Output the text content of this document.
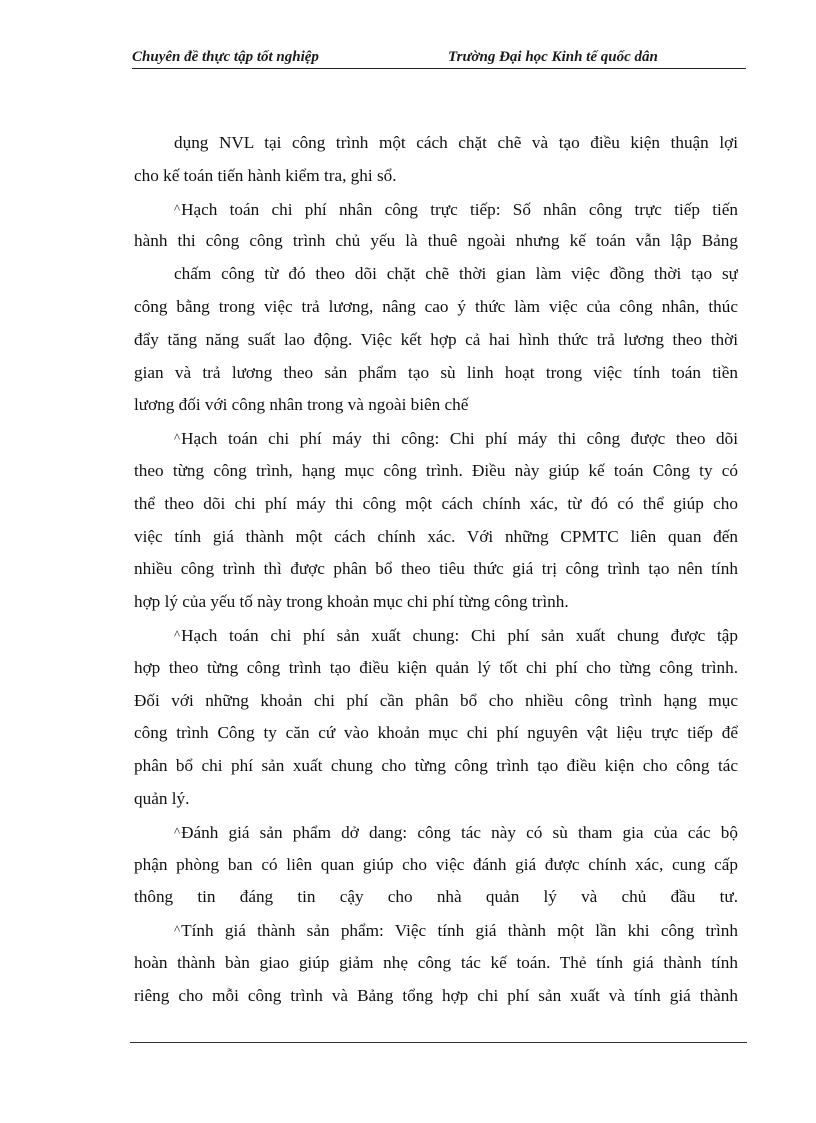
Chuyên đề thực tập tốt nghiệp	Trường Đại học Kinh tế quốc dân
dụng NVL tại công trình một cách chặt chẽ và tạo điều kiện thuận lợi
cho kế toán tiến hành kiểm tra, ghi sổ.
^Hạch toán chi phí nhân công trực tiếp: Số nhân công trực tiếp tiến
hành thi công công trình chủ yếu là thuê ngoài nhưng kế toán vẫn lập Bảng
chấm công từ đó theo dõi chặt chẽ thời gian làm việc đồng thời tạo sự
công bằng trong việc trả lương, nâng cao ý thức làm việc của công nhân, thúc
đẩy tăng năng suất lao động. Việc kết hợp cả hai hình thức trả lương theo thời
gian và trả lương theo sản phẩm tạo sù linh hoạt trong việc tính toán tiền
lương đối với công nhân trong và ngoài biên chế
^Hạch toán chi phí máy thi công: Chi phí máy thi công được theo dõi
theo từng công trình, hạng mục công trình. Điều này giúp kế toán Công ty có
thể theo dõi chi phí máy thi công một cách chính xác, từ đó có thể giúp cho
việc tính giá thành một cách chính xác. Với những CPMTC liên quan đến
nhiều công trình thì được phân bổ theo tiêu thức giá trị công trình tạo nên tính
hợp lý của yếu tố này trong khoản mục chi phí từng công trình.
^Hạch toán chi phí sản xuất chung: Chi phí sản xuất chung được tập
hợp theo từng công trình tạo điều kiện quản lý tốt chi phí cho từng công trình.
Đối với những khoản chi phí cần phân bổ cho nhiều công trình hạng mục
công trình Công ty căn cứ vào khoản mục chi phí nguyên vật liệu trực tiếp để
phân bổ chi phí sản xuất chung cho từng công trình tạo điều kiện cho công tác
quản lý.
^Đánh giá sản phẩm dở dang: công tác này có sù tham gia của các bộ
phận phòng ban có liên quan giúp cho việc đánh giá được chính xác, cung cấp
thông tin đáng tin cậy cho nhà quản lý và chủ đầu tư.
^Tính giá thành sản phẩm: Việc tính giá thành một lần khi công trình
hoàn thành bàn giao giúp giảm nhẹ công tác kế toán. Thẻ tính giá thành tính
riêng cho mỗi công trình và Bảng tổng hợp chi phí sản xuất và tính giá thành
